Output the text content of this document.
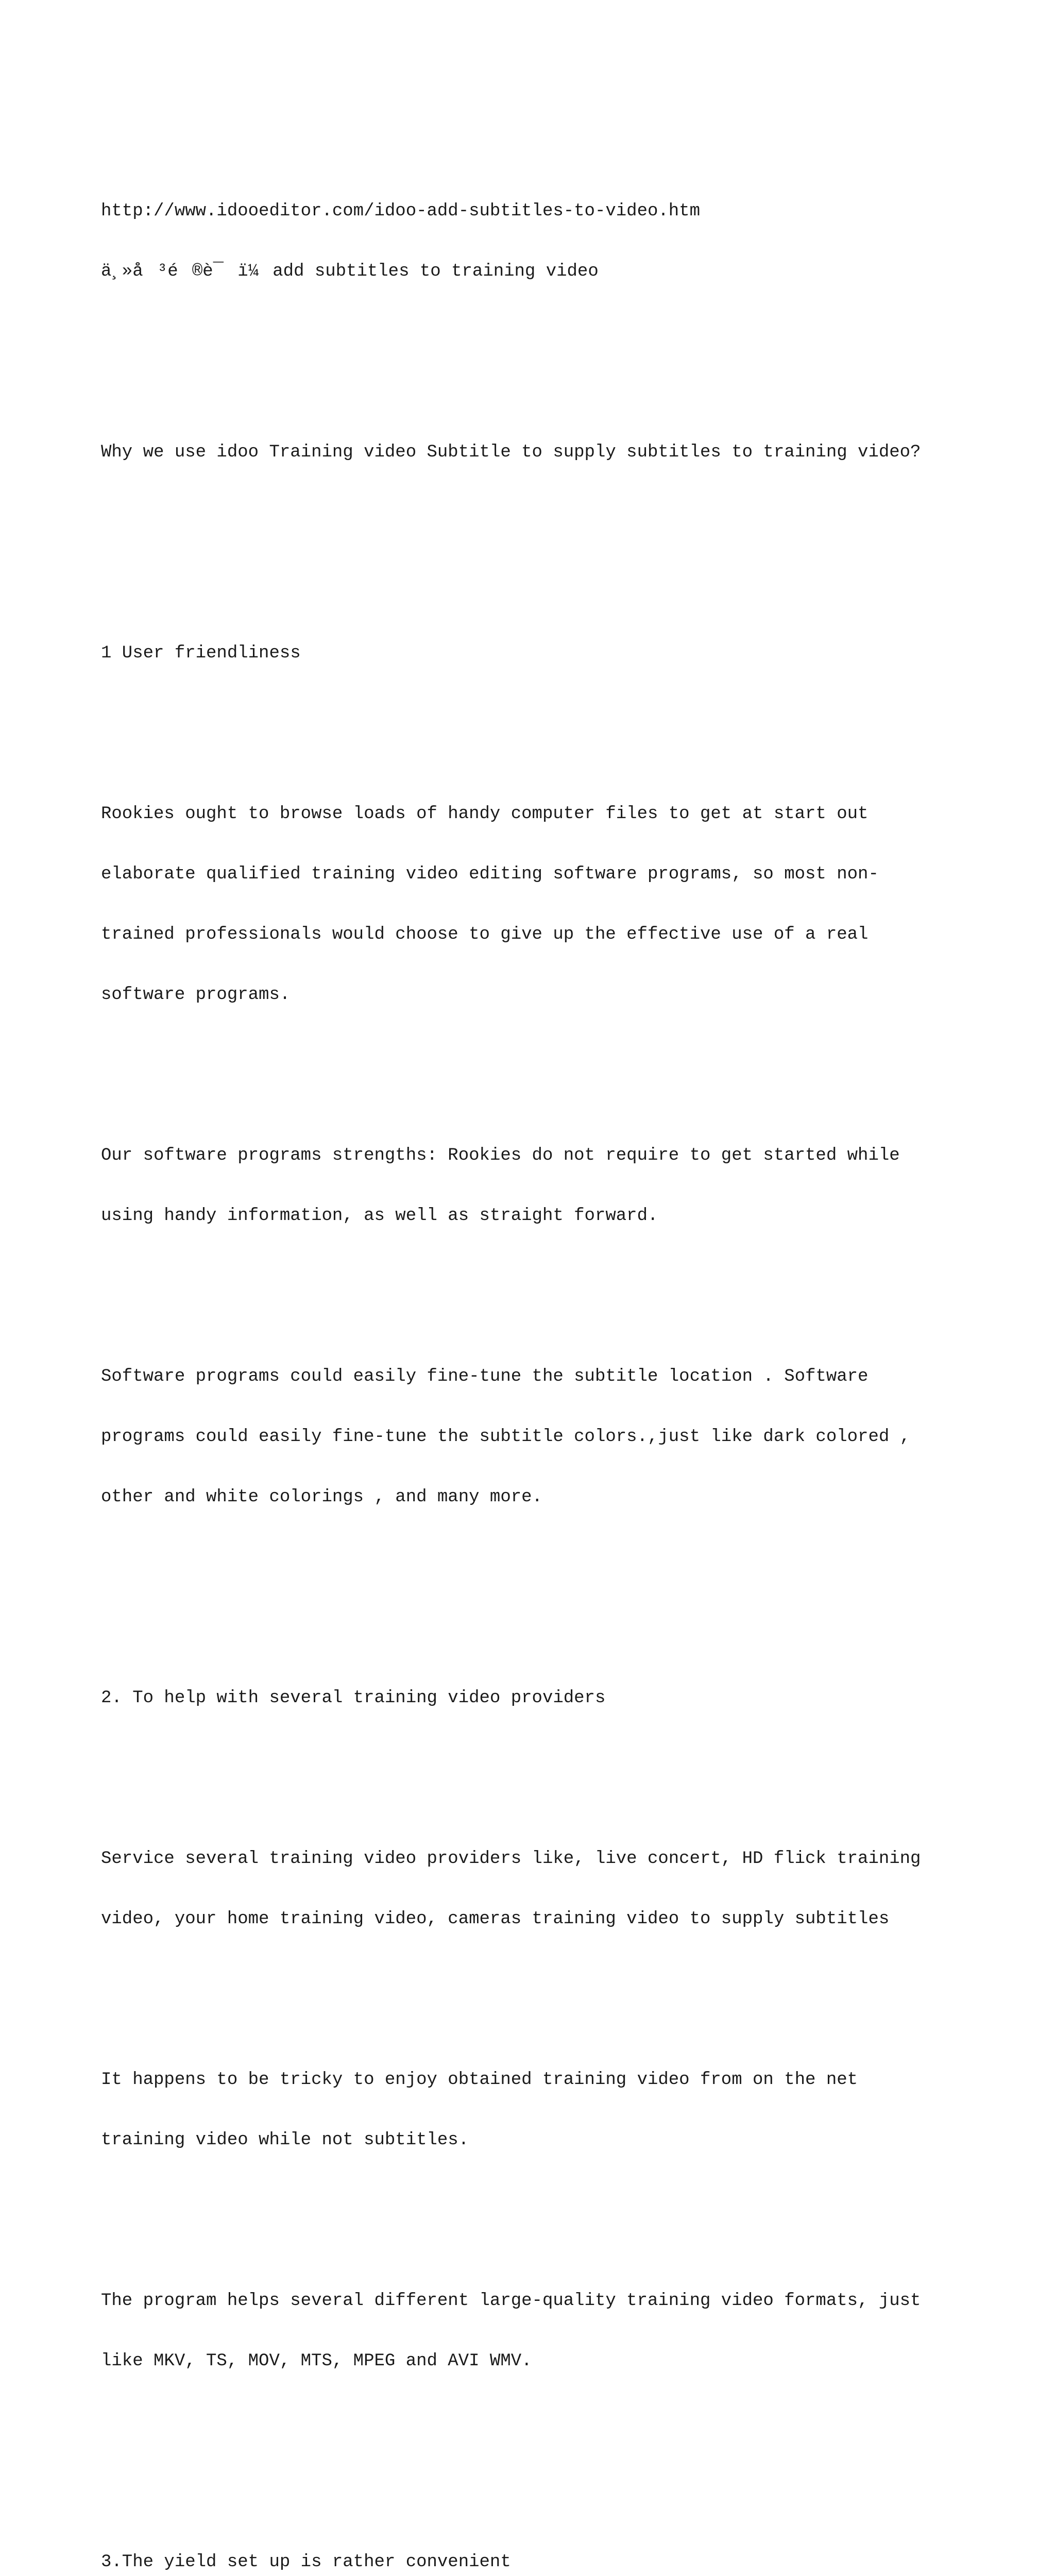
http://www.idooeditor.com/idoo-add-subtitles-to-video.htm

ä¸»å³é®è¯ï¼add subtitles to training video

Why we use idoo Training video Subtitle to supply subtitles to training video?

1 User friendliness

Rookies ought to browse loads of handy computer files to get at start out

elaborate qualified training video editing software programs, so most non-

trained professionals would choose to give up the effective use of a real

software programs.

Our software programs strengths: Rookies do not require to get started while

using handy information, as well as straight forward.

Software programs could easily fine-tune the subtitle location . Software

programs could easily fine-tune the subtitle colors.,just like dark colored ,

other and white colorings , and many more.

2. To help with several training video providers

Service several training video providers like, live concert, HD flick training

video, your home training video, cameras training video to supply subtitles

It happens to be tricky to enjoy obtained training video from on the net

training video while not subtitles.

The program helps several different large-quality training video formats, just

like MKV, TS, MOV, MTS, MPEG and AVI WMV.

3.The yield set up is rather convenient
